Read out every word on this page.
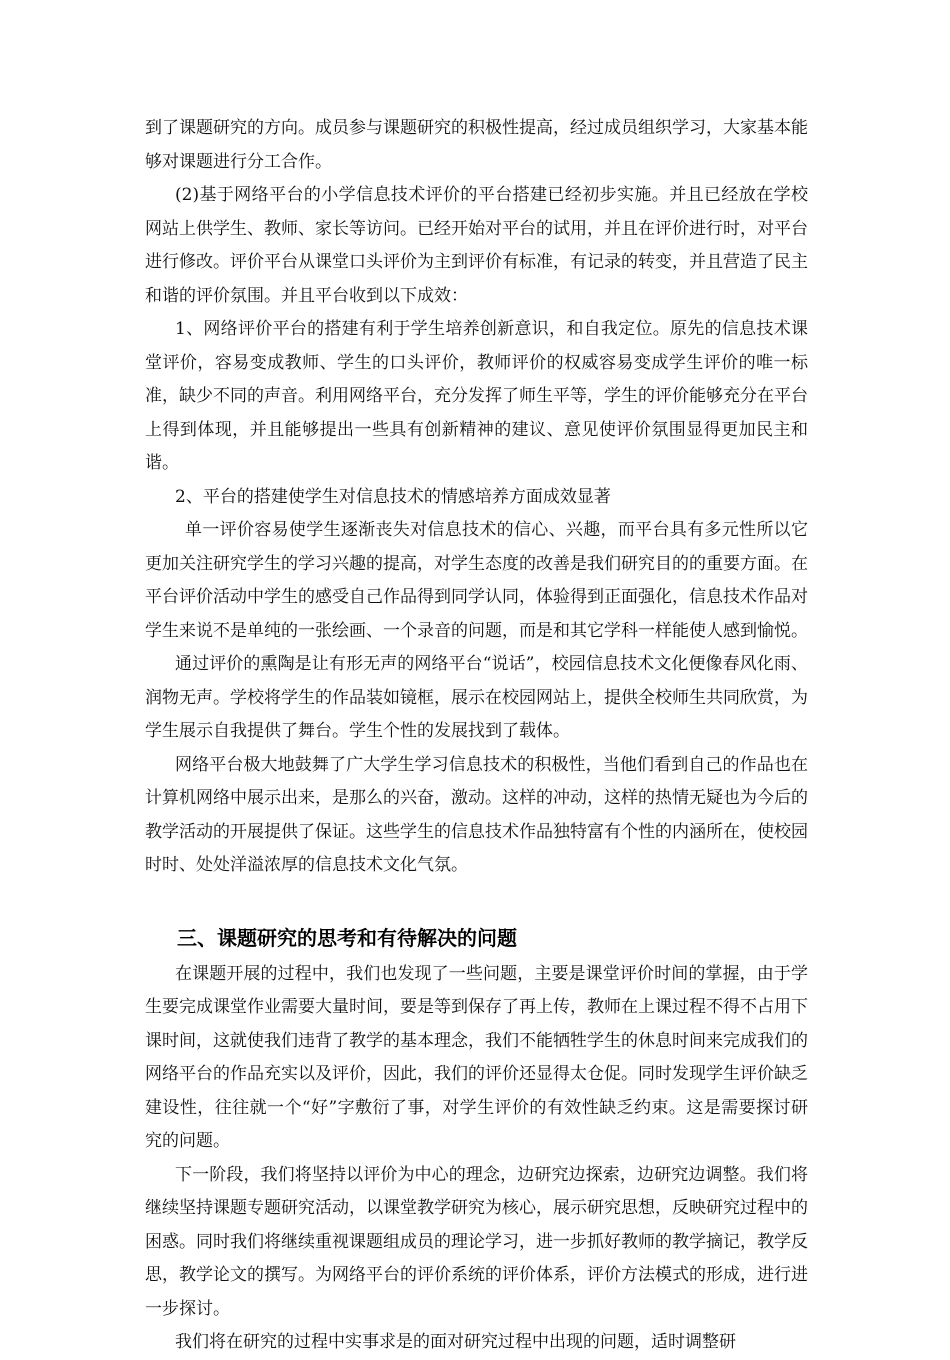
到了课题研究的方向。成员参与课题研究的积极性提高，经过成员组织学习，大家基本能够对课题进行分工合作。

(2)基于网络平台的小学信息技术评价的平台搭建已经初步实施。并且已经放在学校网站上供学生、教师、家长等访问。已经开始对平台的试用，并且在评价进行时，对平台进行修改。评价平台从课堂口头评价为主到评价有标准，有记录的转变，并且营造了民主和谐的评价氛围。并且平台收到以下成效：

1、网络评价平台的搭建有利于学生培养创新意识，和自我定位。原先的信息技术课堂评价，容易变成教师、学生的口头评价，教师评价的权威容易变成学生评价的唯一标准，缺少不同的声音。利用网络平台，充分发挥了师生平等，学生的评价能够充分在平台上得到体现，并且能够提出一些具有创新精神的建议、意见使评价氛围显得更加民主和谐。

2、平台的搭建使学生对信息技术的情感培养方面成效显著

单一评价容易使学生逐渐丧失对信息技术的信心、兴趣，而平台具有多元性所以它更加关注研究学生的学习兴趣的提高，对学生态度的改善是我们研究目的的重要方面。在平台评价活动中学生的感受自己作品得到同学认同，体验得到正面强化，信息技术作品对学生来说不是单纯的一张绘画、一个录音的问题，而是和其它学科一样能使人感到愉悦。

通过评价的熏陶是让有形无声的网络平台“说话”，校园信息技术文化便像春风化雨、润物无声。学校将学生的作品装如镜框，展示在校园网站上，提供全校师生共同欣赏，为学生展示自我提供了舞台。学生个性的发展找到了载体。

网络平台极大地鼓舞了广大学生学习信息技术的积极性，当他们看到自己的作品也在计算机网络中展示出来，是那么的兴奋，激动。这样的冲动，这样的热情无疑也为今后的教学活动的开展提供了保证。这些学生的信息技术作品独特富有个性的内涵所在，使校园时时、处处洋溢浓厚的信息技术文化气氛。

三、课题研究的思考和有待解决的问题

在课题开展的过程中，我们也发现了一些问题，主要是课堂评价时间的掌握，由于学生要完成课堂作业需要大量时间，要是等到保存了再上传，教师在上课过程不得不占用下课时间，这就使我们违背了教学的基本理念，我们不能牺牲学生的休息时间来完成我们的网络平台的作品充实以及评价，因此，我们的评价还显得太仓促。同时发现学生评价缺乏建设性，往往就一个“好”字敷衍了事，对学生评价的有效性缺乏约束。这是需要探讨研究的问题。

下一阶段，我们将坚持以评价为中心的理念，边研究边探索，边研究边调整。我们将继续坚持课题专题研究活动，以课堂教学研究为核心，展示研究思想，反映研究过程中的困惑。同时我们将继续重视课题组成员的理论学习，进一步抓好教师的教学摘记，教学反思，教学论文的撰写。为网络平台的评价系统的评价体系，评价方法模式的形成，进行进一步探讨。

我们将在研究的过程中实事求是的面对研究过程中出现的问题，适时调整研
